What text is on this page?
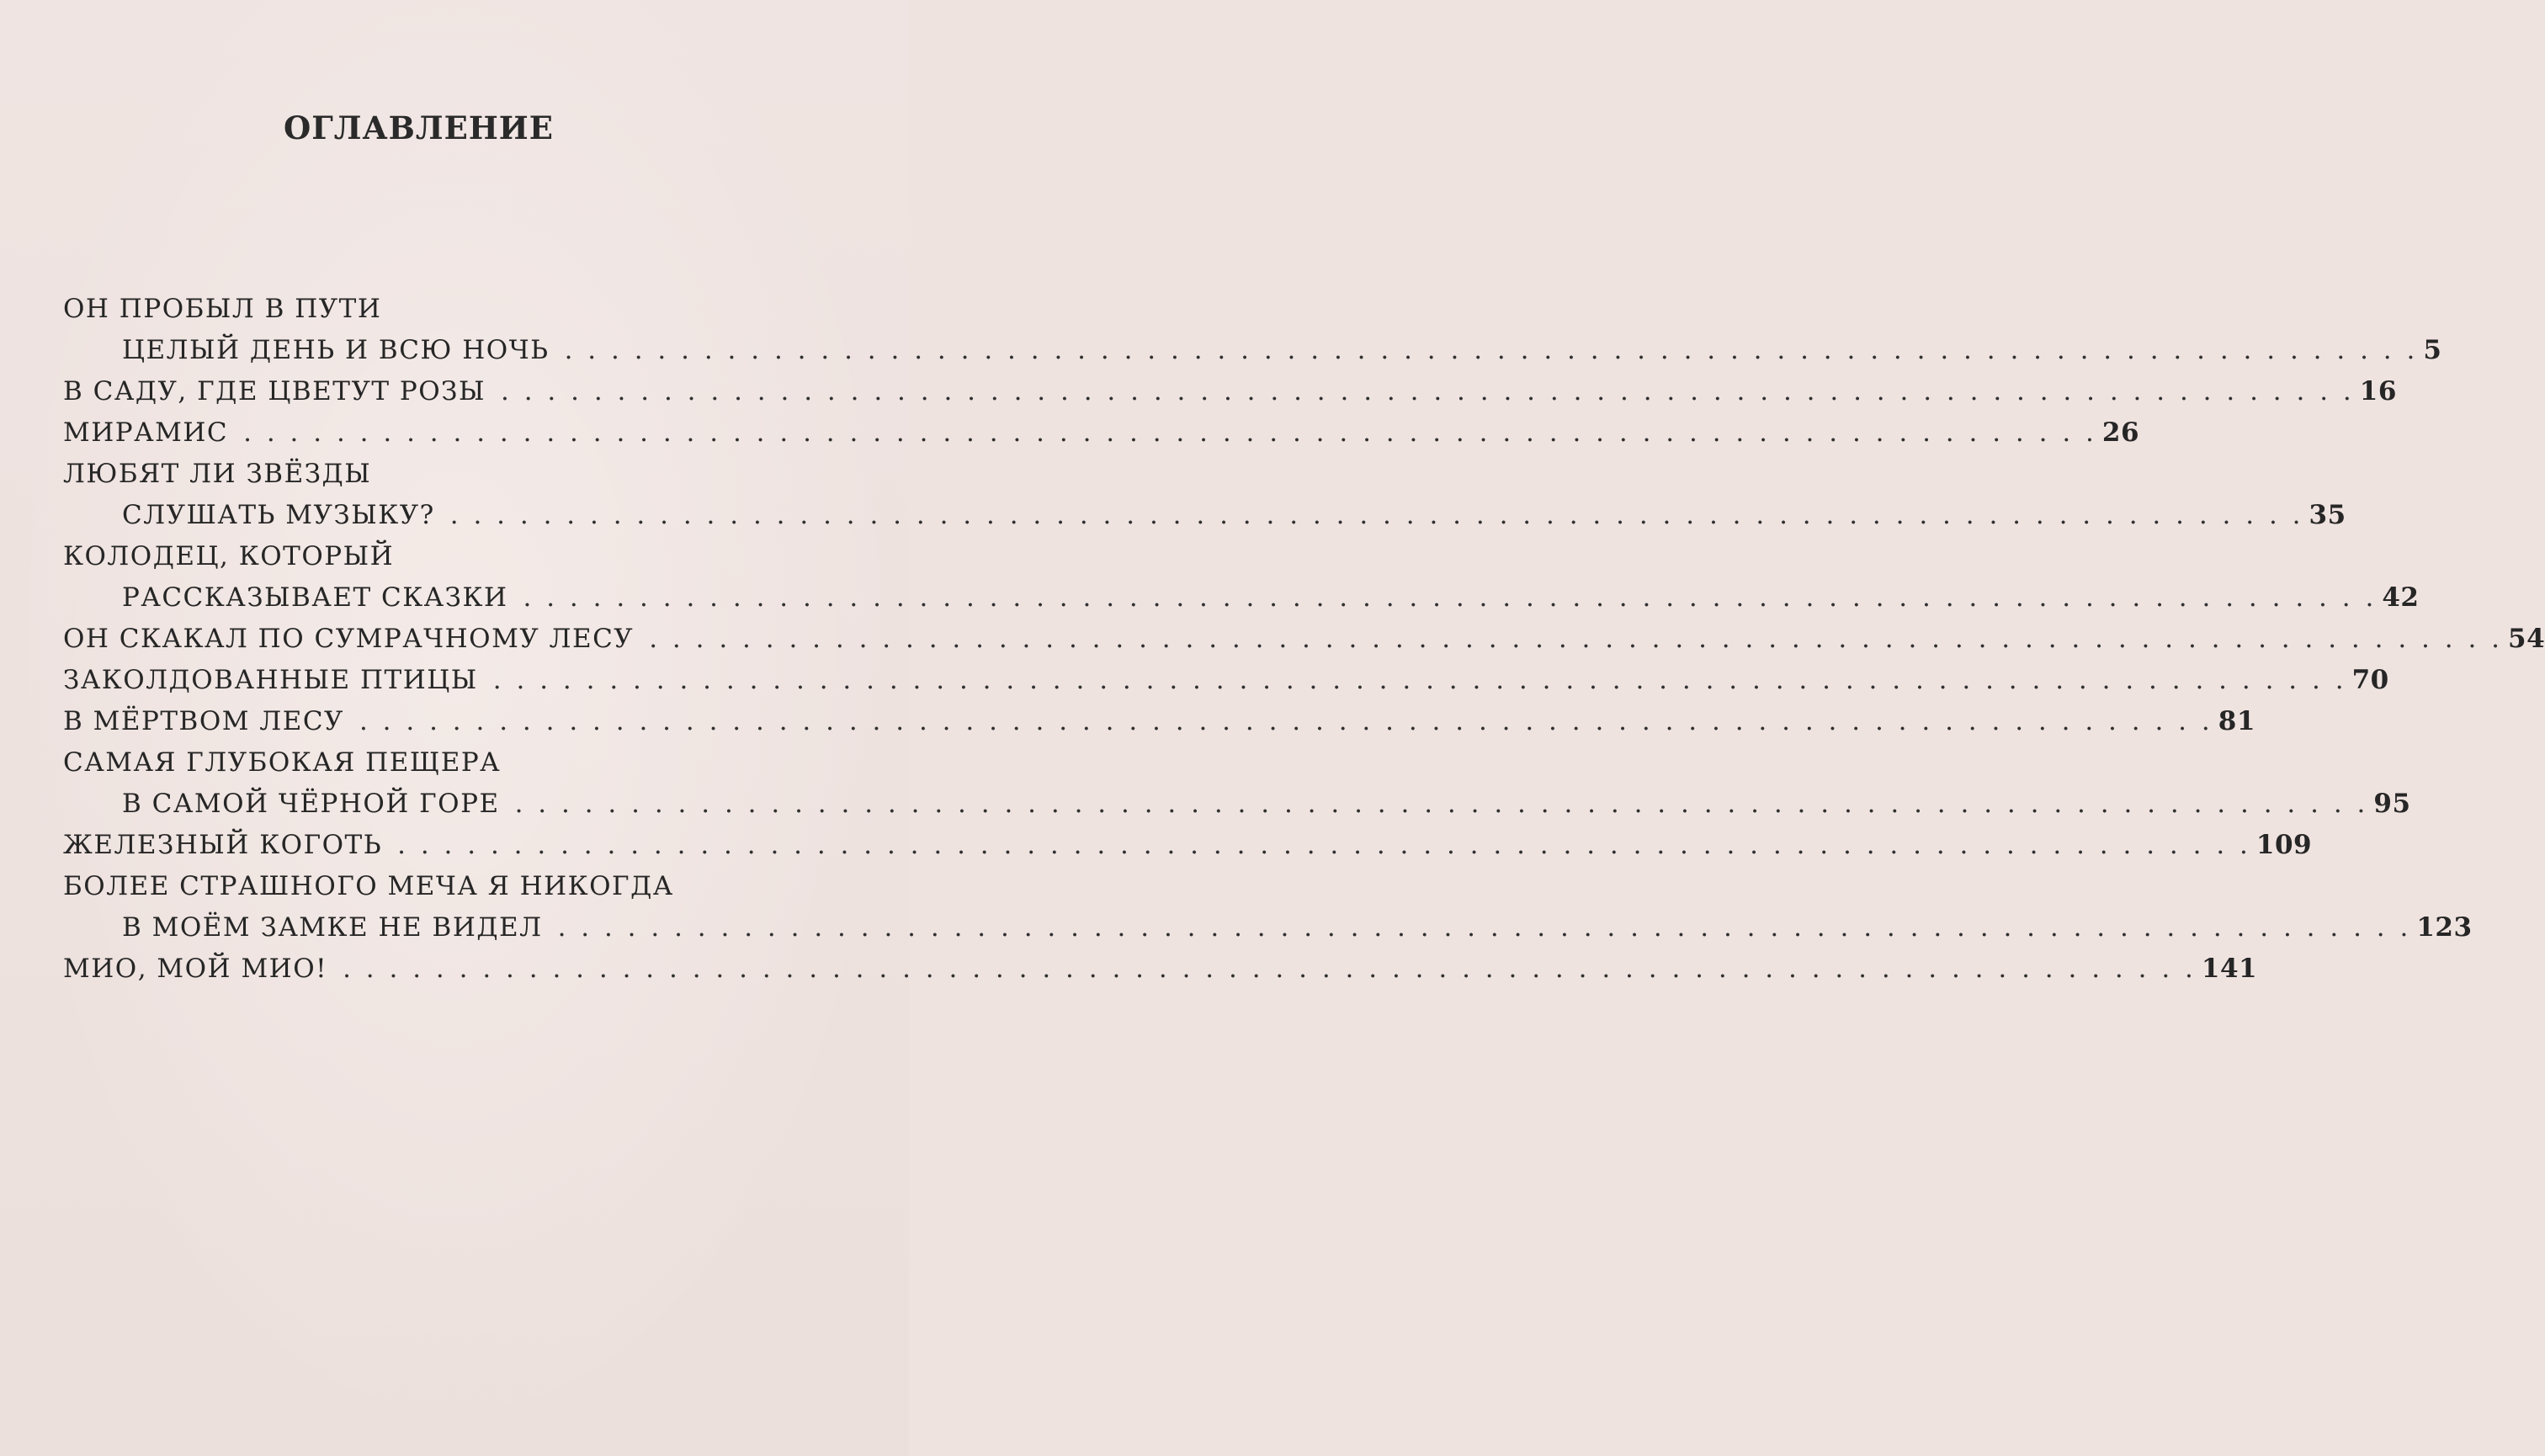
ОГЛАВЛЕНИЕ
ОН ПРОБЫЛ В ПУТИ
ЦЕЛЫЙ ДЕНЬ И ВСЮ НОЧЬ . . . . . . . . . . . . . . . . . . . . . . . . . . . . . . . . . . . . . . . . . . . . . . . . . . . . . . . . . . . . . . . . . . . . . . . . . . . . . . . . 5
В САДУ, ГДЕ ЦВЕТУТ РОЗЫ . . . . . . . . . . . . . . . . . . . . . . . . . . . . . . . . . . . . . . . . . . . . . . . . . . . . . . . . . . . . . . . . . . . . . . . . . . . . . . . . 16
МИРАМИС . . . . . . . . . . . . . . . . . . . . . . . . . . . . . . . . . . . . . . . . . . . . . . . . . . . . . . . . . . . . . . . . . . . . . . . . . . . . . . . . 26
ЛЮБЯТ ЛИ ЗВЁЗДЫ
СЛУШАТЬ МУЗЫКУ? . . . . . . . . . . . . . . . . . . . . . . . . . . . . . . . . . . . . . . . . . . . . . . . . . . . . . . . . . . . . . . . . . . . . . . . . . . . . . . . . 35
КОЛОДЕЦ, КОТОРЫЙ
РАССКАЗЫВАЕТ СКАЗКИ . . . . . . . . . . . . . . . . . . . . . . . . . . . . . . . . . . . . . . . . . . . . . . . . . . . . . . . . . . . . . . . . . . . . . . . . . . . . . . . . 42
ОН СКАКАЛ ПО СУМРАЧНОМУ ЛЕСУ . . . . . . . . . . . . . . . . . . . . . . . . . . . . . . . . . . . . . . . . . . . . . . . . . . . . . . . . . . . . . . . . . . . . . . . . . . . . . . . . 54
ЗАКОЛДОВАННЫЕ ПТИЦЫ . . . . . . . . . . . . . . . . . . . . . . . . . . . . . . . . . . . . . . . . . . . . . . . . . . . . . . . . . . . . . . . . . . . . . . . . . . . . . . . . 70
В МЁРТВОМ ЛЕСУ . . . . . . . . . . . . . . . . . . . . . . . . . . . . . . . . . . . . . . . . . . . . . . . . . . . . . . . . . . . . . . . . . . . . . . . . . . . . . . . . 81
САМАЯ ГЛУБОКАЯ ПЕЩЕРА
В САМОЙ ЧЁРНОЙ ГОРЕ . . . . . . . . . . . . . . . . . . . . . . . . . . . . . . . . . . . . . . . . . . . . . . . . . . . . . . . . . . . . . . . . . . . . . . . . . . . . . . . . 95
ЖЕЛЕЗНЫЙ КОГОТЬ . . . . . . . . . . . . . . . . . . . . . . . . . . . . . . . . . . . . . . . . . . . . . . . . . . . . . . . . . . . . . . . . . . . . . . . . . . . . . . . . 109
БОЛЕЕ СТРАШНОГО МЕЧА Я НИКОГДА
В МОЁМ ЗАМКЕ НЕ ВИДЕЛ . . . . . . . . . . . . . . . . . . . . . . . . . . . . . . . . . . . . . . . . . . . . . . . . . . . . . . . . . . . . . . . . . . . . . . . . . . . . . . . . 123
МИО, МОЙ МИО! . . . . . . . . . . . . . . . . . . . . . . . . . . . . . . . . . . . . . . . . . . . . . . . . . . . . . . . . . . . . . . . . . . . . . . . . . . . . . . . . 141
